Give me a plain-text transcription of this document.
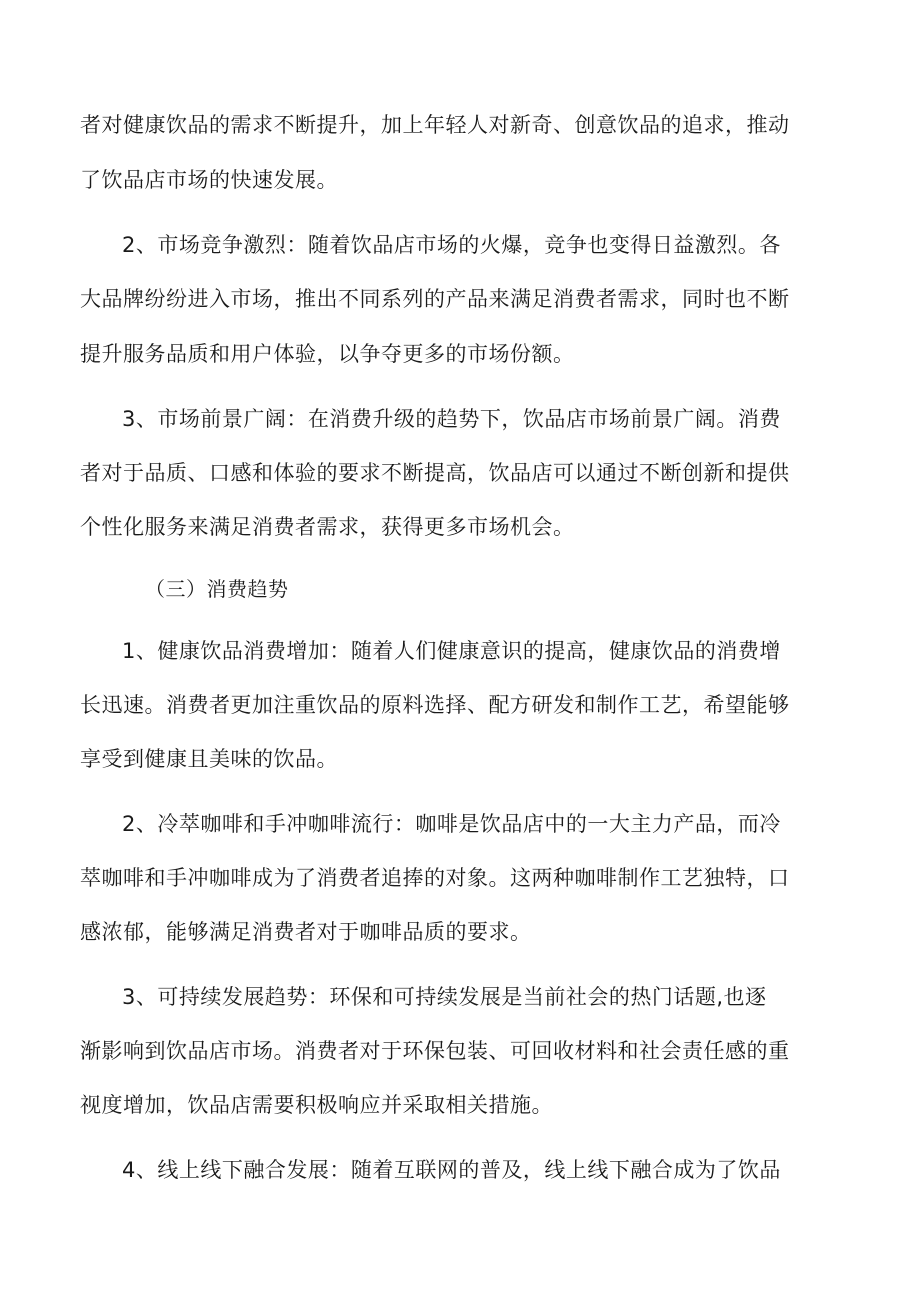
者对健康饮品的需求不断提升，加上年轻人对新奇、创意饮品的追求，推动
了饮品店市场的快速发展。
2、市场竞争激烈：随着饮品店市场的火爆，竞争也变得日益激烈。各
大品牌纷纷进入市场，推出不同系列的产品来满足消费者需求，同时也不断
提升服务品质和用户体验，以争夺更多的市场份额。
3、市场前景广阔：在消费升级的趋势下，饮品店市场前景广阔。消费
者对于品质、口感和体验的要求不断提高，饮品店可以通过不断创新和提供
个性化服务来满足消费者需求，获得更多市场机会。
（三）消费趋势
1、健康饮品消费增加：随着人们健康意识的提高，健康饮品的消费增
长迅速。消费者更加注重饮品的原料选择、配方研发和制作工艺，希望能够
享受到健康且美味的饮品。
2、冷萃咖啡和手冲咖啡流行：咖啡是饮品店中的一大主力产品，而冷
萃咖啡和手冲咖啡成为了消费者追捧的对象。这两种咖啡制作工艺独特，口
感浓郁，能够满足消费者对于咖啡品质的要求。
3、可持续发展趋势：环保和可持续发展是当前社会的热门话题,也逐
渐影响到饮品店市场。消费者对于环保包装、可回收材料和社会责任感的重
视度增加，饮品店需要积极响应并采取相关措施。
4、线上线下融合发展：随着互联网的普及，线上线下融合成为了饮品
